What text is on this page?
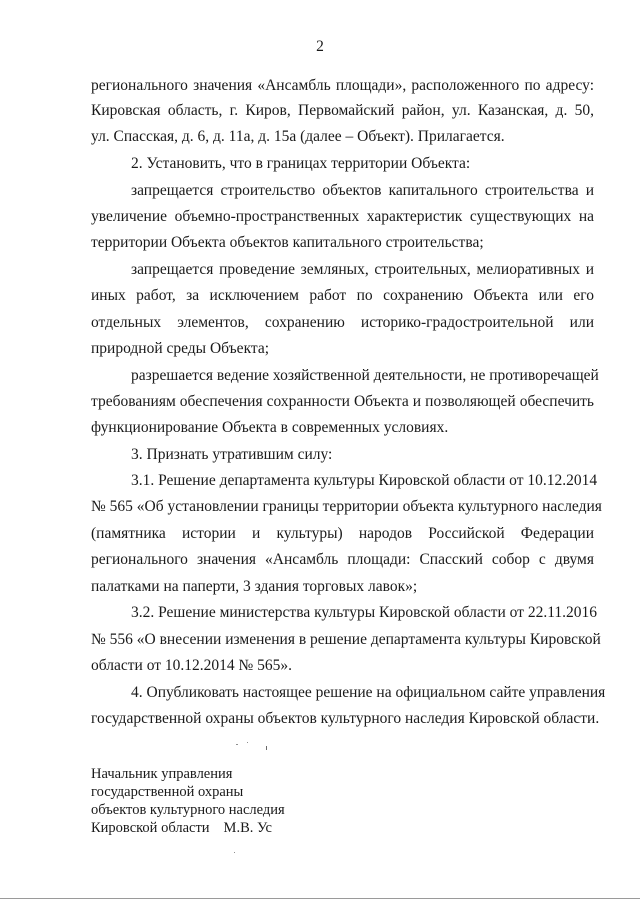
2
регионального значения «Ансамбль площади», расположенного по адресу:
Кировская область, г. Киров, Первомайский район, ул. Казанская, д. 50,
ул. Спасская, д. 6, д. 11а, д. 15а (далее – Объект). Прилагается.
2. Установить, что в границах территории Объекта:
запрещается строительство объектов капитального строительства и
увеличение объемно-пространственных характеристик существующих на
территории Объекта объектов капитального строительства;
запрещается проведение земляных, строительных, мелиоративных и
иных работ, за исключением работ по сохранению Объекта или его
отдельных элементов, сохранению историко-градостроительной или
природной среды Объекта;
разрешается ведение хозяйственной деятельности, не противоречащей
требованиям обеспечения сохранности Объекта и позволяющей обеспечить
функционирование Объекта в современных условиях.
3. Признать утратившим силу:
3.1. Решение департамента культуры Кировской области от 10.12.2014
№ 565 «Об установлении границы территории объекта культурного наследия
(памятника истории и культуры) народов Российской Федерации
регионального значения «Ансамбль площади: Спасский собор с двумя
палатками на паперти, 3 здания торговых лавок»;
3.2. Решение министерства культуры Кировской области от 22.11.2016
№ 556 «О внесении изменения в решение департамента культуры Кировской
области от 10.12.2014 № 565».
4. Опубликовать настоящее решение на официальном сайте управления
государственной охраны объектов культурного наследия Кировской области.
Начальник управления
государственной охраны
объектов культурного наследия
Кировской области М.В. Ус
